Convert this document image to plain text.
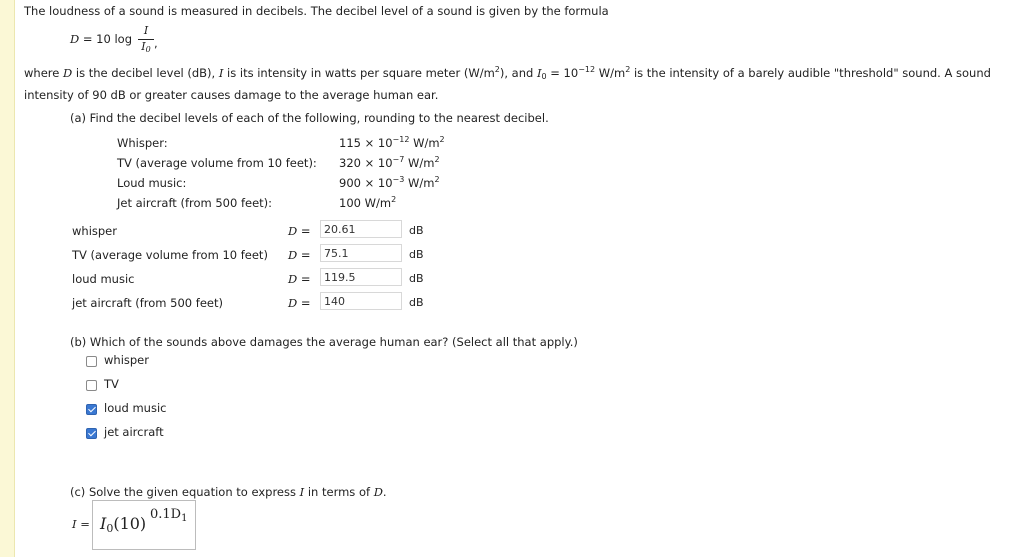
The loudness of a sound is measured in decibels. The decibel level of a sound is given by the formula
D = 10 log
I
$I_0$ ,
where D is the decibel level (dB), I is its intensity in watts per square meter $(W/m^2)$, and $I_0 = 10^{-12}$ $W/m^2$ is the intensity of a barely audible "threshold" sound. A sound
intensity of 90 dB or greater causes damage to the average human ear.
(a) Find the decibel levels of each of the following, rounding to the nearest decibel.
Whisper:	$115 \times 10^{-12}$ $W/m^2$
TV (average volume from 10 feet): $320 \times 10^{-7}$ $W/m^2$
Loud music:	$900 \times 10^{-3}$ $W/m^2$
Jet aircraft (from 500 feet):	100 $W/m^2$
whisper	D =	20.61	dB
TV (average volume from 10 feet) D =	75.1	dB
loud music	D =	119.5	dB
jet aircraft (from 500 feet)	D =	140	dB
(b) Which of the sounds above damages the average human ear? (Select all that apply.)
whisper
TV
loud music
jet aircraft
(c) Solve the given equation to express I in terms of D.
$I = I_0(10)$ $0.1D_1$
